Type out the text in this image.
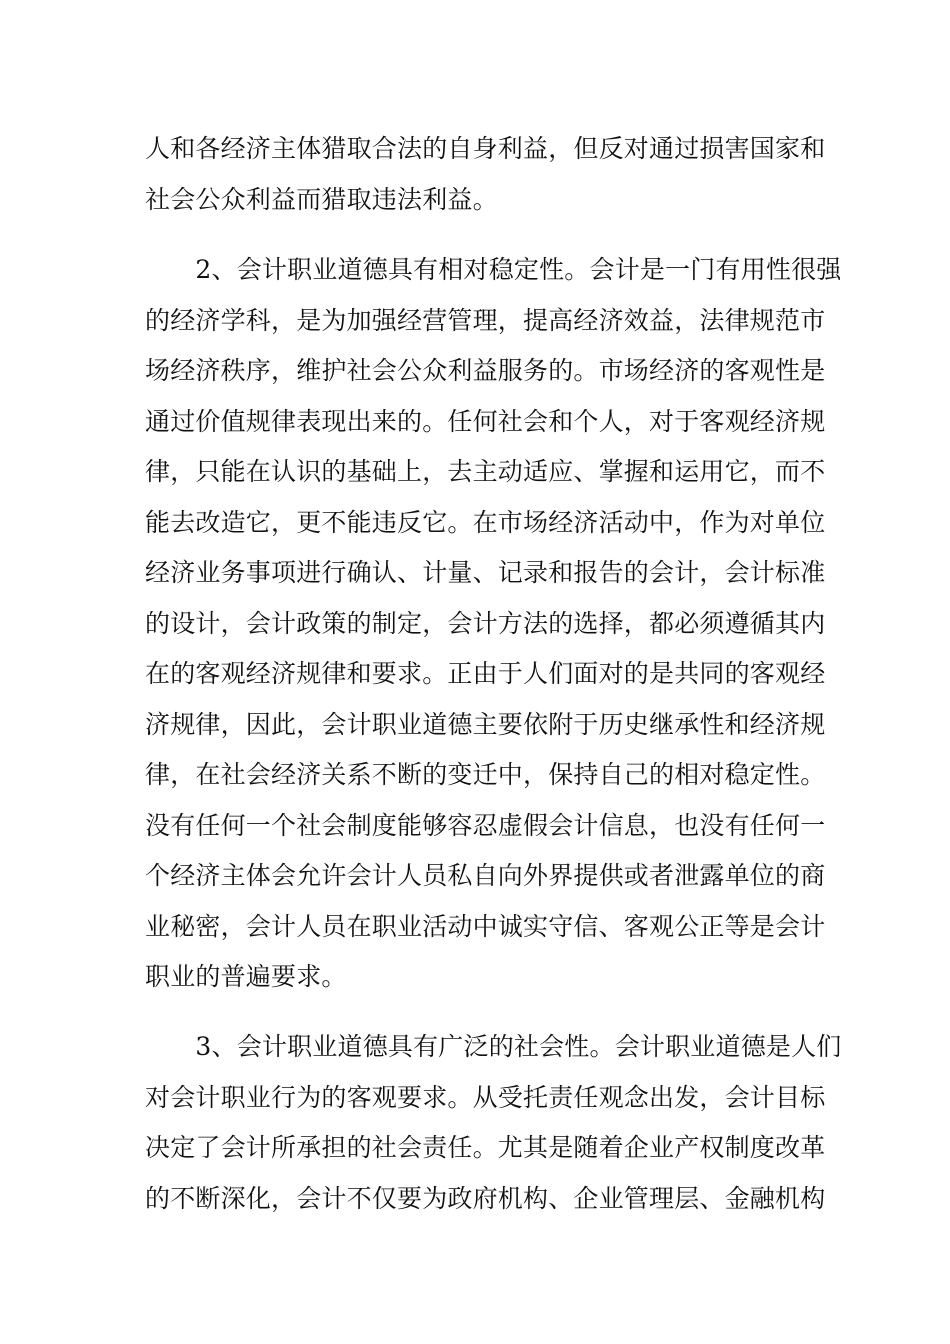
人和各经济主体猎取合法的自身利益，但反对通过损害国家和
社会公众利益而猎取违法利益。
　　2、会计职业道德具有相对稳定性。会计是一门有用性很强
的经济学科，是为加强经营管理，提高经济效益，法律规范市
场经济秩序，维护社会公众利益服务的。市场经济的客观性是
通过价值规律表现出来的。任何社会和个人，对于客观经济规
律，只能在认识的基础上，去主动适应、掌握和运用它，而不
能去改造它，更不能违反它。在市场经济活动中，作为对单位
经济业务事项进行确认、计量、记录和报告的会计，会计标准
的设计，会计政策的制定，会计方法的选择，都必须遵循其内
在的客观经济规律和要求。正由于人们面对的是共同的客观经
济规律，因此，会计职业道德主要依附于历史继承性和经济规
律，在社会经济关系不断的变迁中，保持自己的相对稳定性。
没有任何一个社会制度能够容忍虚假会计信息，也没有任何一
个经济主体会允许会计人员私自向外界提供或者泄露单位的商
业秘密，会计人员在职业活动中诚实守信、客观公正等是会计
职业的普遍要求。
　　3、会计职业道德具有广泛的社会性。会计职业道德是人们
对会计职业行为的客观要求。从受托责任观念出发，会计目标
决定了会计所承担的社会责任。尤其是随着企业产权制度改革
的不断深化，会计不仅要为政府机构、企业管理层、金融机构
